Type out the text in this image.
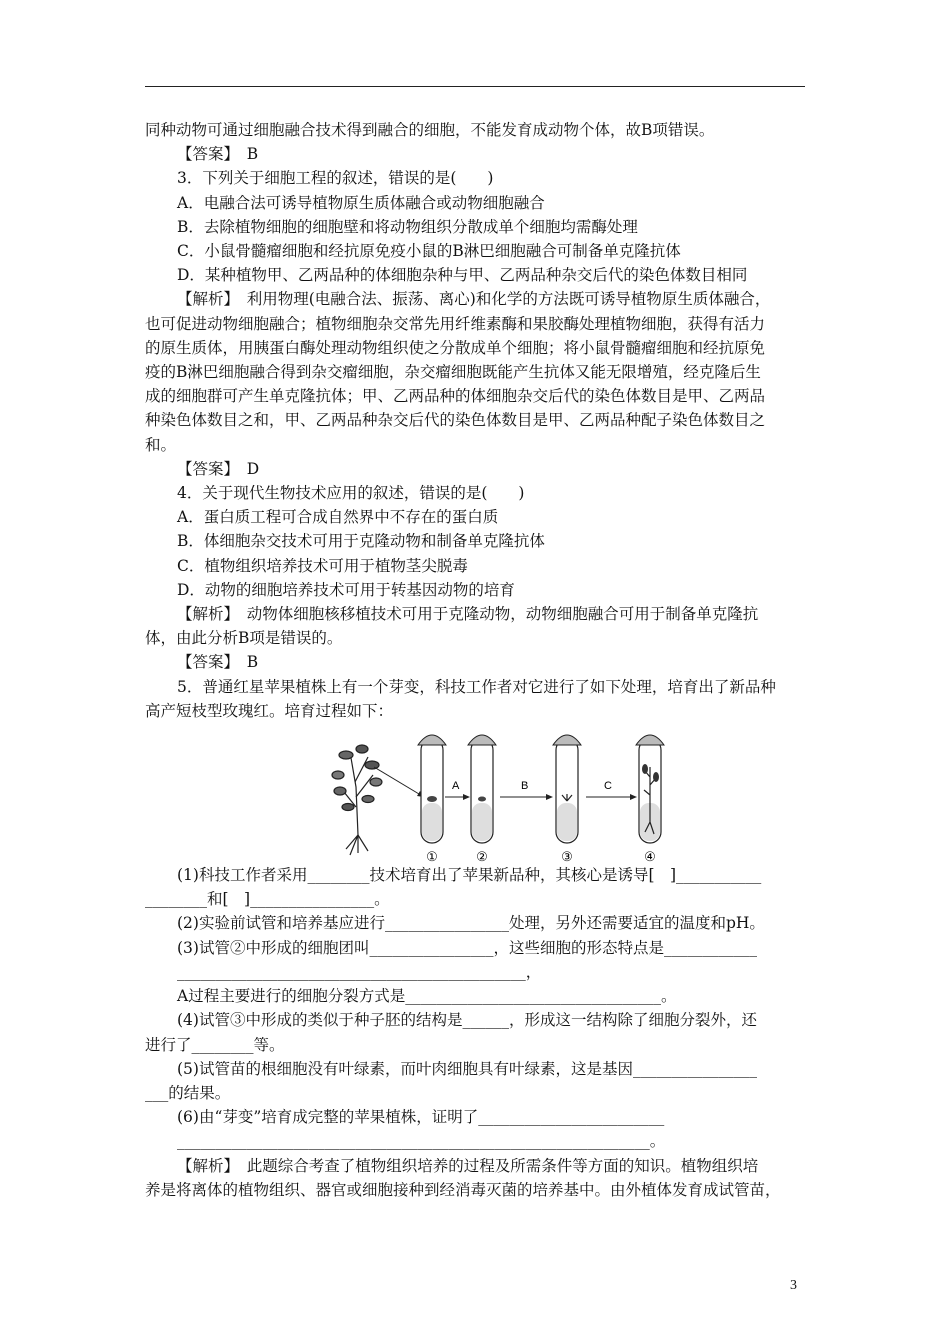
同种动物可通过细胞融合技术得到融合的细胞，不能发育成动物个体，故B项错误。

【答案】　B

3．下列关于细胞工程的叙述，错误的是(　　)

A．电融合法可诱导植物原生质体融合或动物细胞融合

B．去除植物细胞的细胞壁和将动物组织分散成单个细胞均需酶处理

C．小鼠骨髓瘤细胞和经抗原免疫小鼠的B淋巴细胞融合可制备单克隆抗体

D．某种植物甲、乙两品种的体细胞杂种与甲、乙两品种杂交后代的染色体数目相同

【解析】　利用物理(电融合法、振荡、离心)和化学的方法既可诱导植物原生质体融合，

也可促进动物细胞融合；植物细胞杂交常先用纤维素酶和果胶酶处理植物细胞，获得有活力

的原生质体，用胰蛋白酶处理动物组织使之分散成单个细胞；将小鼠骨髓瘤细胞和经抗原免

疫的B淋巴细胞融合得到杂交瘤细胞，杂交瘤细胞既能产生抗体又能无限增殖，经克隆后生

成的细胞群可产生单克隆抗体；甲、乙两品种的体细胞杂交后代的染色体数目是甲、乙两品

种染色体数目之和，甲、乙两品种杂交后代的染色体数目是甲、乙两品种配子染色体数目之

和。

【答案】　D

4．关于现代生物技术应用的叙述，错误的是(　　)

A．蛋白质工程可合成自然界中不存在的蛋白质

B．体细胞杂交技术可用于克隆动物和制备单克隆抗体

C．植物组织培养技术可用于植物茎尖脱毒

D．动物的细胞培养技术可用于转基因动物的培育

【解析】　动物体细胞核移植技术可用于克隆动物，动物细胞融合可用于制备单克隆抗

体，由此分析B项是错误的。

【答案】　B

5．普通红星苹果植株上有一个芽变，科技工作者对它进行了如下处理，培育出了新品种

高产短枝型玫瑰红。培育过程如下：

A	B	C
①	②	③	④

(1)科技工作者采用________技术培育出了苹果新品种，其核心是诱导[　]___________

________和[　]________________。

(2)实验前试管和培养基应进行________________处理，另外还需要适宜的温度和pH。

(3)试管②中形成的细胞团叫________________，这些细胞的形态特点是____________

_____________________________________________，

A过程主要进行的细胞分裂方式是_________________________________。

(4)试管③中形成的类似于种子胚的结构是______，形成这一结构除了细胞分裂外，还

进行了________等。

(5)试管苗的根细胞没有叶绿素，而叶肉细胞具有叶绿素，这是基因________________

___的结果。

(6)由“芽变”培育成完整的苹果植株，证明了________________________

_____________________________________________________________。

【解析】　此题综合考查了植物组织培养的过程及所需条件等方面的知识。植物组织培

养是将离体的植物组织、器官或细胞接种到经消毒灭菌的培养基中。由外植体发育成试管苗，

3
